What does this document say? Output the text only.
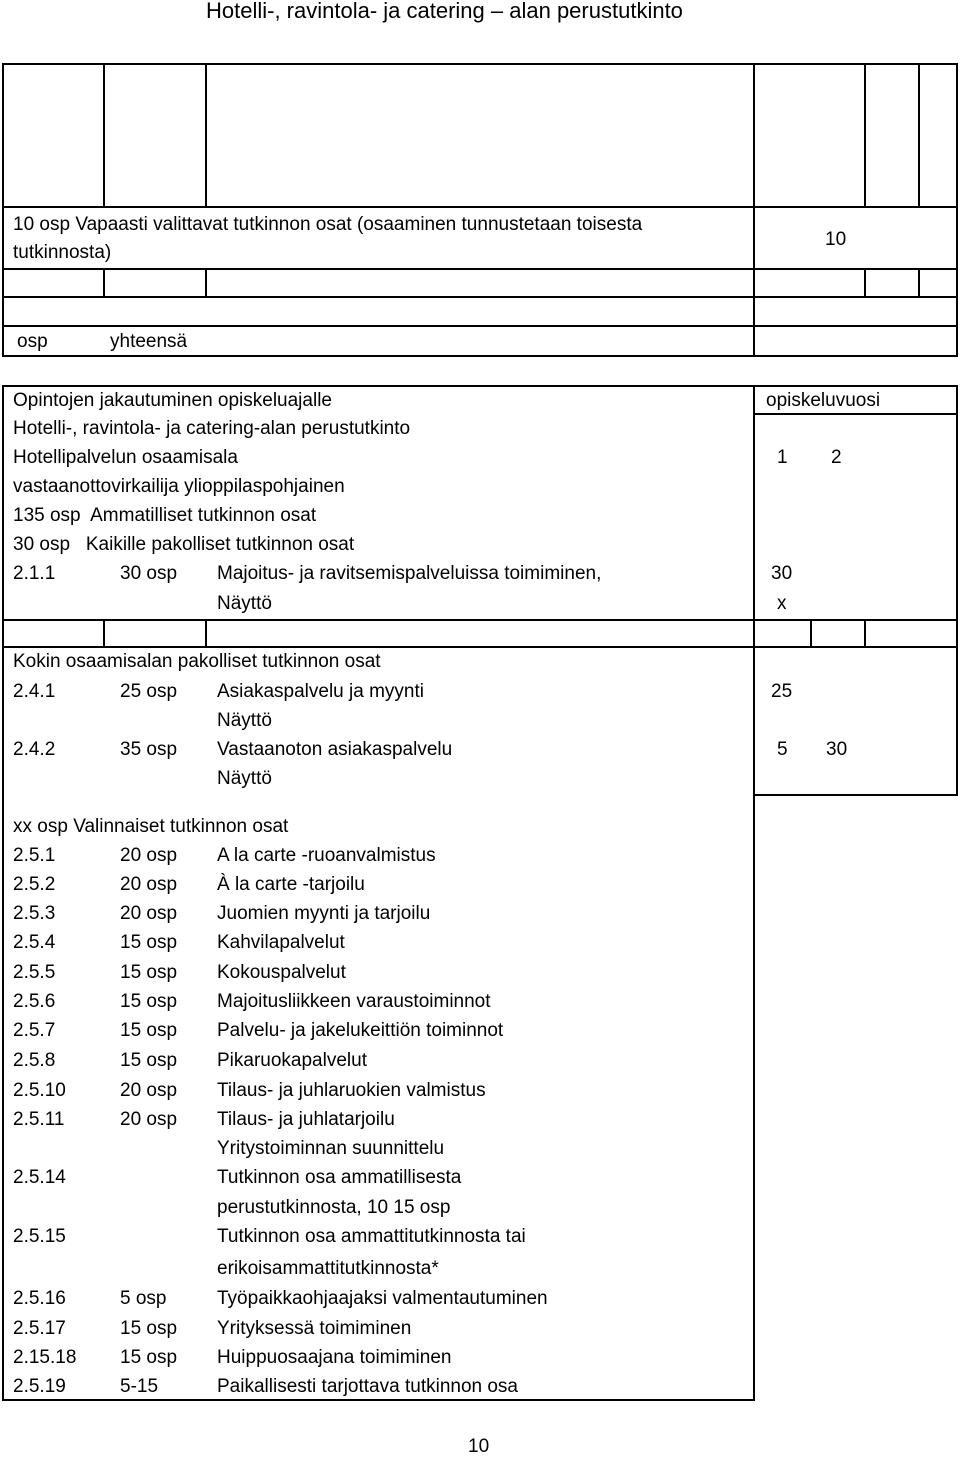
Hotelli-, ravintola- ja catering – alan perustutkinto
10 osp Vapaasti valittavat tutkinnon osat (osaaminen tunnustetaan toisesta
tutkinnosta)
10
osp	yhteensä
Opintojen jakautuminen opiskeluajalle
Hotelli-, ravintola- ja catering-alan perustutkinto
Hotellipalvelun osaamisala
vastaanottovirkailija ylioppilaspohjainen
135 osp  Ammatilliset tutkinnon osat
30 osp   Kaikille pakolliset tutkinnon osat
opiskeluvuosi
1 2
2.1.1	30 osp Majoitus- ja ravitsemispalveluissa toimiminen,	30
Näyttö	x
Kokin osaamisalan pakolliset tutkinnon osat
2.4.1	25 osp Asiakaspalvelu ja myynti	25
Näyttö
2.4.2	35 osp Vastaanoton asiakaspalvelu	5 30
Näyttö
xx osp Valinnaiset tutkinnon osat
2.5.1	20 osp A la carte -ruoanvalmistus
2.5.2	20 osp À la carte -tarjoilu
2.5.3	20 osp Juomien myynti ja tarjoilu
2.5.4	15 osp Kahvilapalvelut
2.5.5	15 osp Kokouspalvelut
2.5.6	15 osp Majoitusliikkeen varaustoiminnot
2.5.7	15 osp Palvelu- ja jakelukeittiön toiminnot
2.5.8	15 osp Pikaruokapalvelut
2.5.10	20 osp Tilaus- ja juhlaruokien valmistus
2.5.11	20 osp Tilaus- ja juhlatarjoilu
Yritystoiminnan suunnittelu
2.5.14	Tutkinnon osa ammatillisesta
perustutkinnosta, 10 15 osp
2.5.15	Tutkinnon osa ammattitutkinnosta tai
erikoisammattitutkinnosta*
2.5.16	5 osp	Työpaikkaohjaajaksi valmentautuminen
2.5.17	15 osp Yrityksessä toimiminen
2.15.18 15 osp Huippuosaajana toimiminen
2.5.19	5-15	Paikallisesti tarjottava tutkinnon osa
10
